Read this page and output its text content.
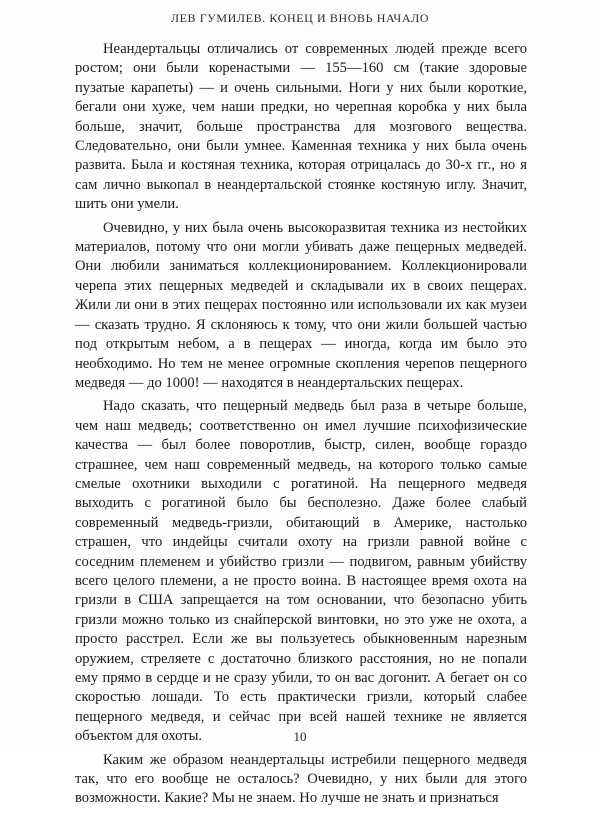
ЛЕВ ГУМИЛЕВ. КОНЕЦ И ВНОВЬ НАЧАЛО

Неандертальцы отличались от современных людей прежде всего ростом; они были коренастыми — 155—160 см (такие здоровые пузатые карапеты) — и очень сильными. Ноги у них были короткие, бегали они хуже, чем наши предки, но черепная коробка у них была больше, значит, больше пространства для мозгового вещества. Следовательно, они были умнее. Каменная техника у них была очень развита. Была и костяная техника, которая отрицалась до 30-х гг., но я сам лично выкопал в неандертальской стоянке костяную иглу. Значит, шить они умели.

Очевидно, у них была очень высокоразвитая техника из нестойких материалов, потому что они могли убивать даже пещерных медведей. Они любили заниматься коллекционированием. Коллекционировали черепа этих пещерных медведей и складывали их в своих пещерах. Жили ли они в этих пещерах постоянно или использовали их как музеи — сказать трудно. Я склоняюсь к тому, что они жили большей частью под открытым небом, а в пещерах — иногда, когда им было это необходимо. Но тем не менее огромные скопления черепов пещерного медведя — до 1000! — находятся в неандертальских пещерах.

Надо сказать, что пещерный медведь был раза в четыре больше, чем наш медведь; соответственно он имел лучшие психофизические качества — был более поворотлив, быстр, силен, вообще гораздо страшнее, чем наш современный медведь, на которого только самые смелые охотники выходили с рогатиной. На пещерного медведя выходить с рогатиной было бы бесполезно. Даже более слабый современный медведь-гризли, обитающий в Америке, настолько страшен, что индейцы считали охоту на гризли равной войне с соседним племенем и убийство гризли — подвигом, равным убийству всего целого племени, а не просто воина. В настоящее время охота на гризли в США запрещается на том основании, что безопасно убить гризли можно только из снайперской винтовки, но это уже не охота, а просто расстрел. Если же вы пользуетесь обыкновенным нарезным оружием, стреляете с достаточно близкого расстояния, но не попали ему прямо в сердце и не сразу убили, то он вас догонит. А бегает он со скоростью лошади. То есть практически гризли, который слабее пещерного медведя, и сейчас при всей нашей технике не является объектом для охоты.

Каким же образом неандертальцы истребили пещерного медведя так, что его вообще не осталось? Очевидно, у них были для этого возможности. Какие? Мы не знаем. Но лучше не знать и признаться

10
